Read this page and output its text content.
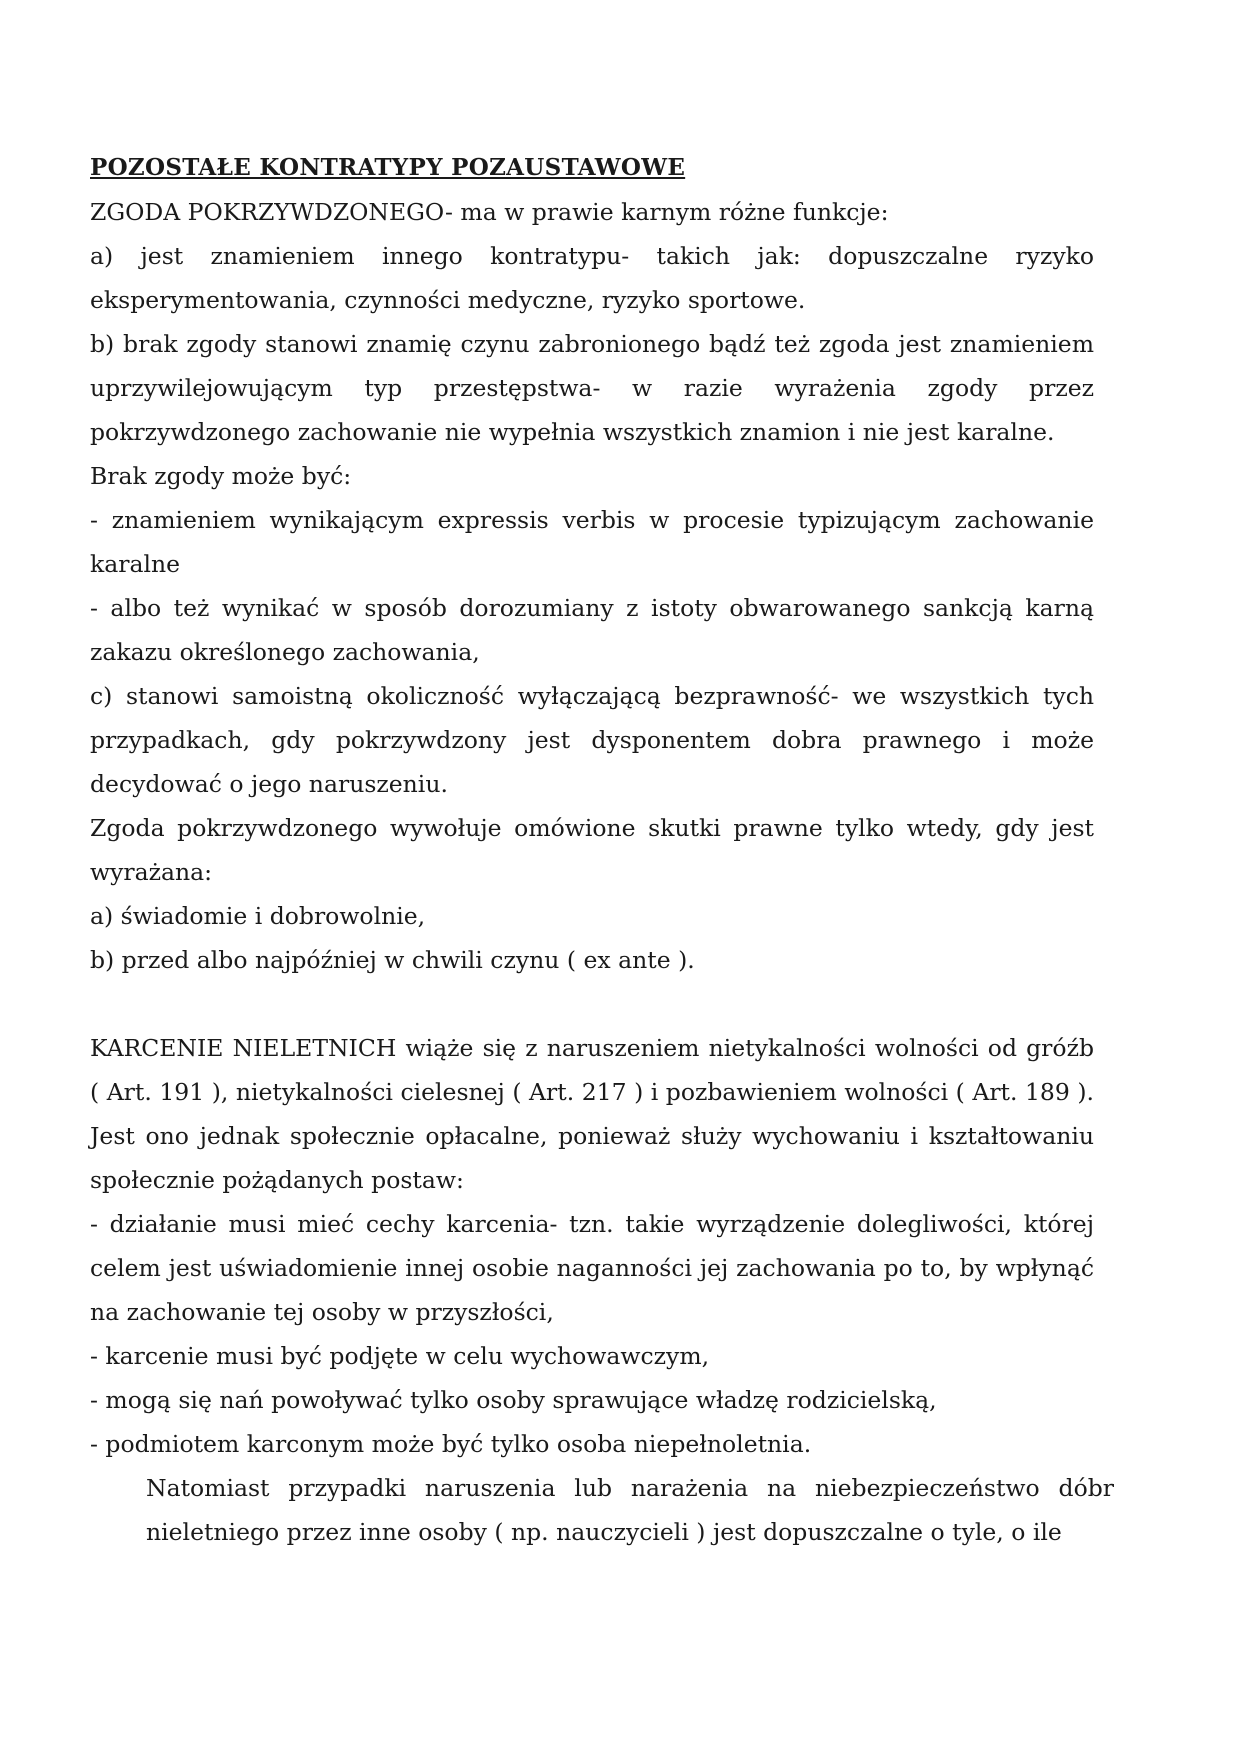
POZOSTAŁE KONTRATYPY POZAUSTAWOWE

ZGODA POKRZYWDZONEGO- ma w prawie karnym różne funkcje:

a) jest znamieniem innego kontratypu- takich jak: dopuszczalne ryzyko eksperymentowania, czynności medyczne, ryzyko sportowe.

b) brak zgody stanowi znamię czynu zabronionego bądź też zgoda jest znamieniem uprzywilejowującym typ przestępstwa- w razie wyrażenia zgody przez pokrzywdzonego zachowanie nie wypełnia wszystkich znamion i nie jest karalne.

Brak zgody może być:

- znamieniem wynikającym expressis verbis w procesie typizującym zachowanie karalne

- albo też wynikać w sposób dorozumiany z istoty obwarowanego sankcją karną zakazu określonego zachowania,

c) stanowi samoistną okoliczność wyłączającą bezprawność- we wszystkich tych przypadkach, gdy pokrzywdzony jest dysponentem dobra prawnego i może decydować o jego naruszeniu.

Zgoda pokrzywdzonego wywołuje omówione skutki prawne tylko wtedy, gdy jest wyrażana:

a) świadomie i dobrowolnie,

b) przed albo najpóźniej w chwili czynu ( ex ante ).

KARCENIE NIELETNICH wiąże się z naruszeniem nietykalności wolności od gróźb ( Art. 191 ), nietykalności cielesnej ( Art. 217 ) i pozbawieniem wolności ( Art. 189 ). Jest ono jednak społecznie opłacalne, ponieważ służy wychowaniu i kształtowaniu społecznie pożądanych postaw:

- działanie musi mieć cechy karcenia- tzn. takie wyrządzenie dolegliwości, której celem jest uświadomienie innej osobie naganności jej zachowania po to, by wpłynąć na zachowanie tej osoby w przyszłości,

- karcenie musi być podjęte w celu wychowawczym,

- mogą się nań powoływać tylko osoby sprawujące władzę rodzicielską,

- podmiotem karconym może być tylko osoba niepełnoletnia.

Natomiast przypadki naruszenia lub narażenia na niebezpieczeństwo dóbr nieletniego przez inne osoby ( np. nauczycieli ) jest dopuszczalne o tyle, o ile
